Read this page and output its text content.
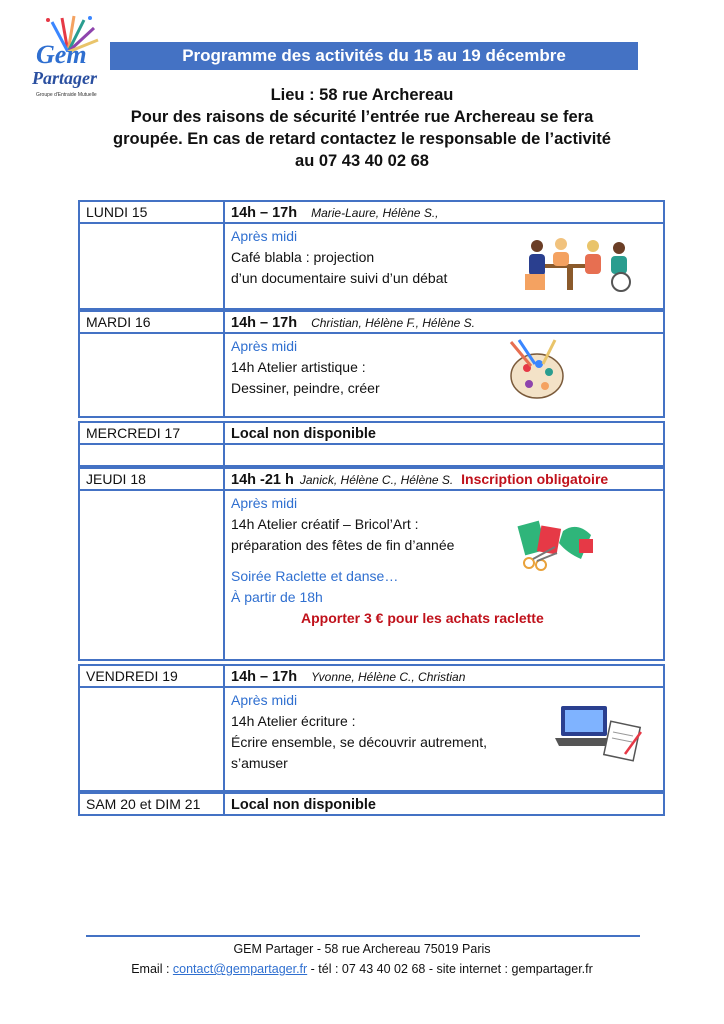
Gem
Partager
Groupe d'Entraide Mutuelle
Programme des activités du 15 au 19 décembre
Lieu : 58 rue Archereau
Pour des raisons de sécurité l’entrée rue Archereau se fera
groupée. En cas de retard contactez le responsable de l’activité
au 07 43 40 02 68
LUNDI 15	14h – 17h Marie-Laure, Hélène S.,
Après midi
Café blabla : projection
d’un documentaire suivi d’un débat
MARDI 16	14h – 17h Christian, Hélène F., Hélène S.
Après midi
14h Atelier artistique :
Dessiner, peindre, créer
MERCREDI 17	Local non disponible
JEUDI 18	14h -21 h Janick, Hélène C., Hélène S. Inscription obligatoire
Après midi
14h Atelier créatif – Bricol’Art :
préparation des fêtes de fin d’année
Soirée Raclette et danse…
À partir de 18h
Apporter 3 € pour les achats raclette
VENDREDI 19	14h – 17h Yvonne, Hélène C., Christian
Après midi
14h Atelier écriture :
Écrire ensemble, se découvrir autrement,
s’amuser
SAM 20 et DIM 21	Local non disponible
GEM Partager - 58 rue Archereau 75019 Paris
Email : contact@gempartager.fr - tél : 07 43 40 02 68 - site internet : gempartager.fr
